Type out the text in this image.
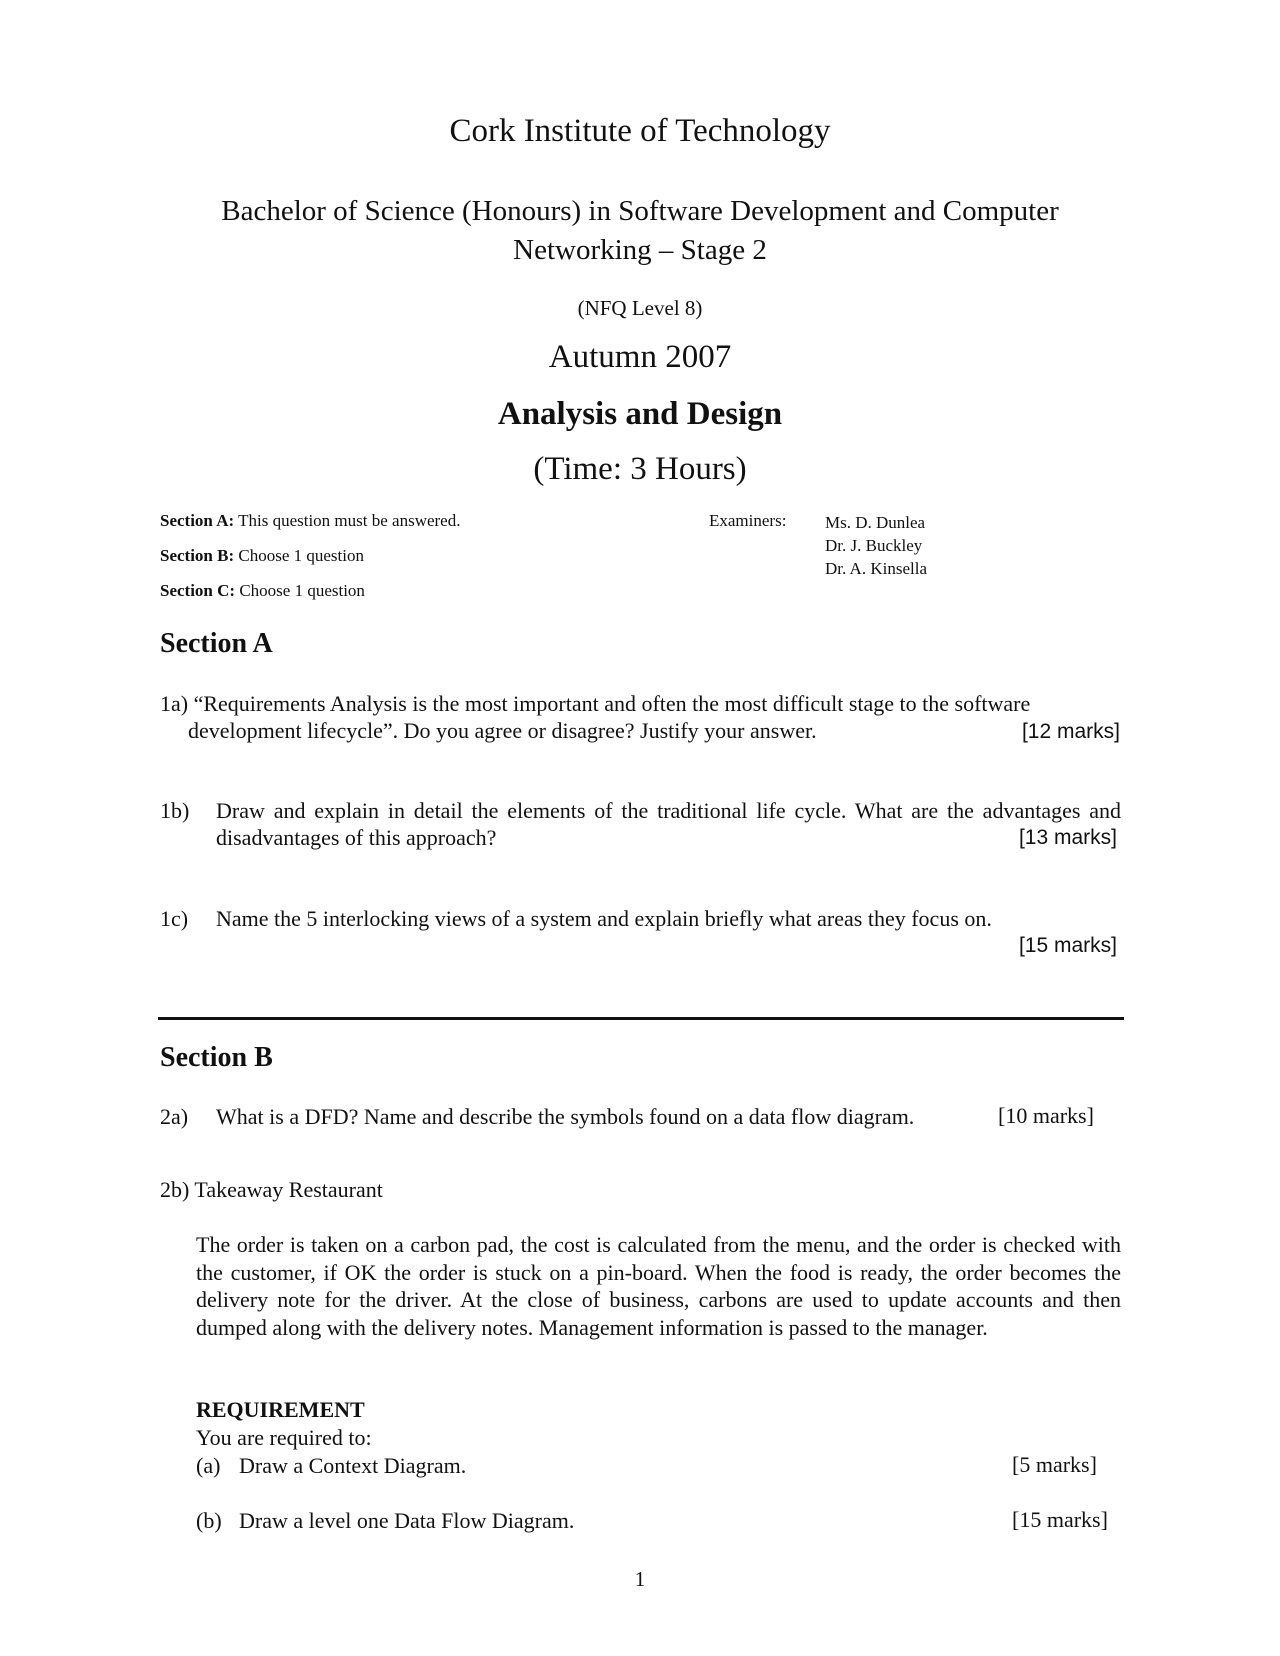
Cork Institute of Technology
Bachelor of Science (Honours) in Software Development and Computer Networking – Stage 2
(NFQ Level 8)
Autumn 2007
Analysis and Design
(Time: 3 Hours)
Section A: This question must be answered.
Section B: Choose 1 question
Section C: Choose 1 question
Examiners: Ms. D. Dunlea
Dr. J. Buckley
Dr. A. Kinsella
Section A
1a) “Requirements Analysis is the most important and often the most difficult stage to the software
development lifecycle”. Do you agree or disagree? Justify your answer.	[12 marks]
1b) Draw and explain in detail the elements of the traditional life cycle. What are the advantages and disadvantages of this approach?	[13 marks]
1c) Name the 5 interlocking views of a system and explain briefly what areas they focus on.
[15 marks]
Section B
2a) What is a DFD? Name and describe the symbols found on a data flow diagram.	[10 marks]
2b) Takeaway Restaurant
The order is taken on a carbon pad, the cost is calculated from the menu, and the order is checked with the customer, if OK the order is stuck on a pin-board. When the food is ready, the order becomes the delivery note for the driver. At the close of business, carbons are used to update accounts and then dumped along with the delivery notes. Management information is passed to the manager.
REQUIREMENT
You are required to:
(a) Draw a Context Diagram.	[5 marks]
(b) Draw a level one Data Flow Diagram.	[15 marks]
1
